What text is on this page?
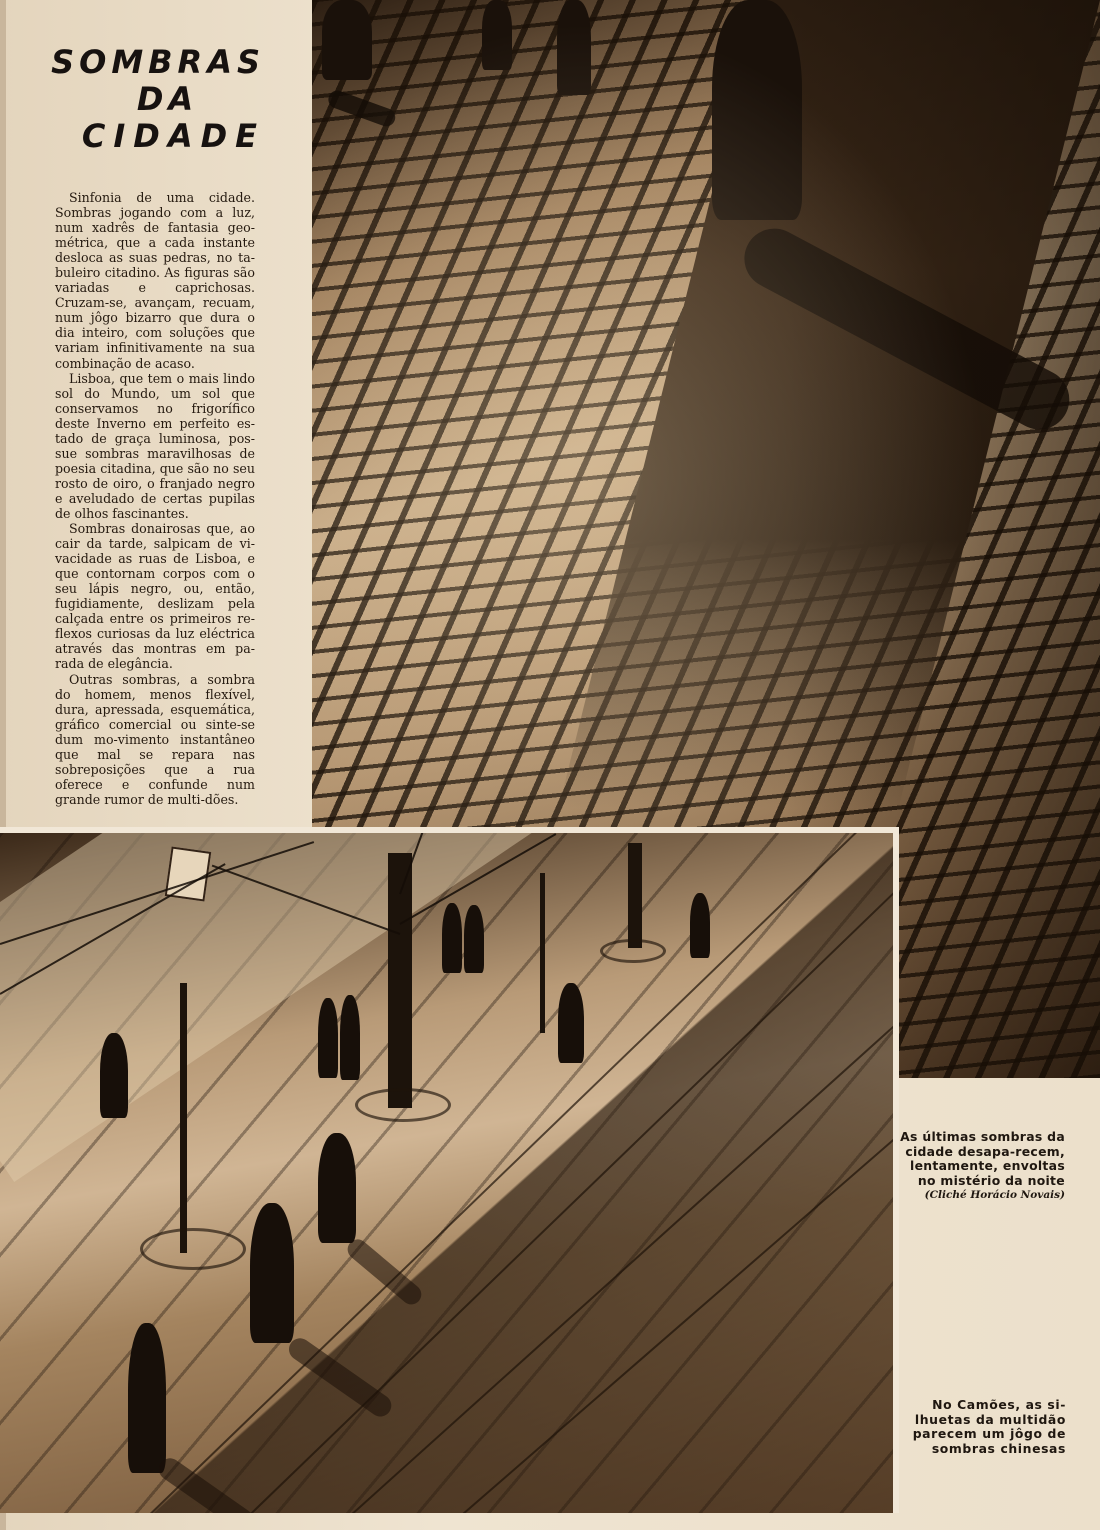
SOMBRAS
DA
CIDADE

Sinfonia de uma cidade. Sombras jogando com a luz, num xadrês de fantasia geo-métrica, que a cada instante desloca as suas pedras, no ta-buleiro citadino. As figuras são variadas e caprichosas. Cruzam-se, avançam, recuam, num jôgo bizarro que dura o dia inteiro, com soluções que variam infinitivamente na sua combinação de acaso.

Lisboa, que tem o mais lindo sol do Mundo, um sol que conservamos no frigorífico deste Inverno em perfeito es-tado de graça luminosa, pos-sue sombras maravilhosas de poesia citadina, que são no seu rosto de oiro, o franjado negro e aveludado de certas pupilas de olhos fascinantes.

Sombras donairosas que, ao cair da tarde, salpicam de vi-vacidade as ruas de Lisboa, e que contornam corpos com o seu lápis negro, ou, então, fugidiamente, deslizam pela calçada entre os primeiros re-flexos curiosas da luz eléctrica através das montras em pa-rada de elegância.

Outras sombras, a sombra do homem, menos flexível, dura, apressada, esquemática, gráfico comercial ou sinte-se dum mo-vimento instantâneo que mal se repara nas sobreposições que a rua oferece e confunde num grande rumor de multi-dões.

As últimas sombras da cidade desapa-recem, lentamente, envoltas no mistério da noite
(Cliché Horácio Novais)
No Camões, as si-lhuetas da multidão parecem um jôgo de sombras chinesas
